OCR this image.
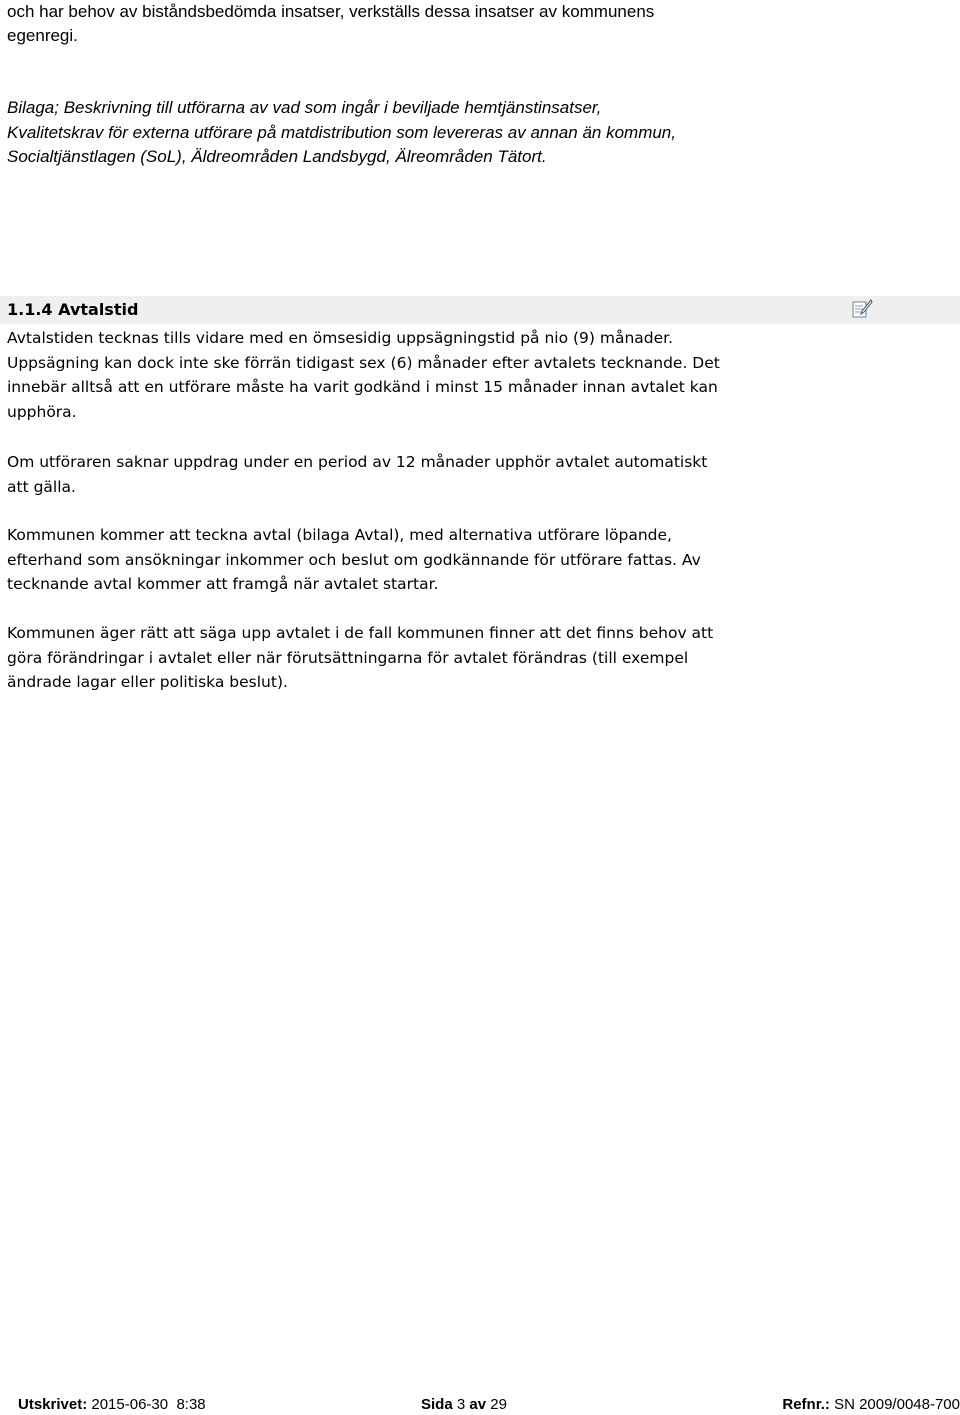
och har behov av biståndsbedömda insatser, verkställs dessa insatser av kommunens

egenregi.

Bilaga; Beskrivning till utförarna av vad som ingår i beviljade hemtjänstinsatser,

Kvalitetskrav för externa utförare på matdistribution som levereras av annan än kommun,

Socialtjänstlagen (SoL), Äldreområden Landsbygd, Älreområden Tätort.

1.1.4 Avtalstid

Avtalstiden tecknas tills vidare med en ömsesidig uppsägningstid på nio (9) månader.

Uppsägning kan dock inte ske förrän tidigast sex (6) månader efter avtalets tecknande. Det

innebär alltså att en utförare måste ha varit godkänd i minst 15 månader innan avtalet kan

upphöra.

Om utföraren saknar uppdrag under en period av 12 månader upphör avtalet automatiskt

att gälla.

Kommunen kommer att teckna avtal (bilaga Avtal), med alternativa utförare löpande,

efterhand som ansökningar inkommer och beslut om godkännande för utförare fattas. Av

tecknande avtal kommer att framgå när avtalet startar.

Kommunen äger rätt att säga upp avtalet i de fall kommunen finner att det finns behov att

göra förändringar i avtalet eller när förutsättningarna för avtalet förändras (till exempel

ändrade lagar eller politiska beslut).

Utskrivet: 2015-06-30  8:38	Sida 3 av 29	Refnr.: SN 2009/0048-700
